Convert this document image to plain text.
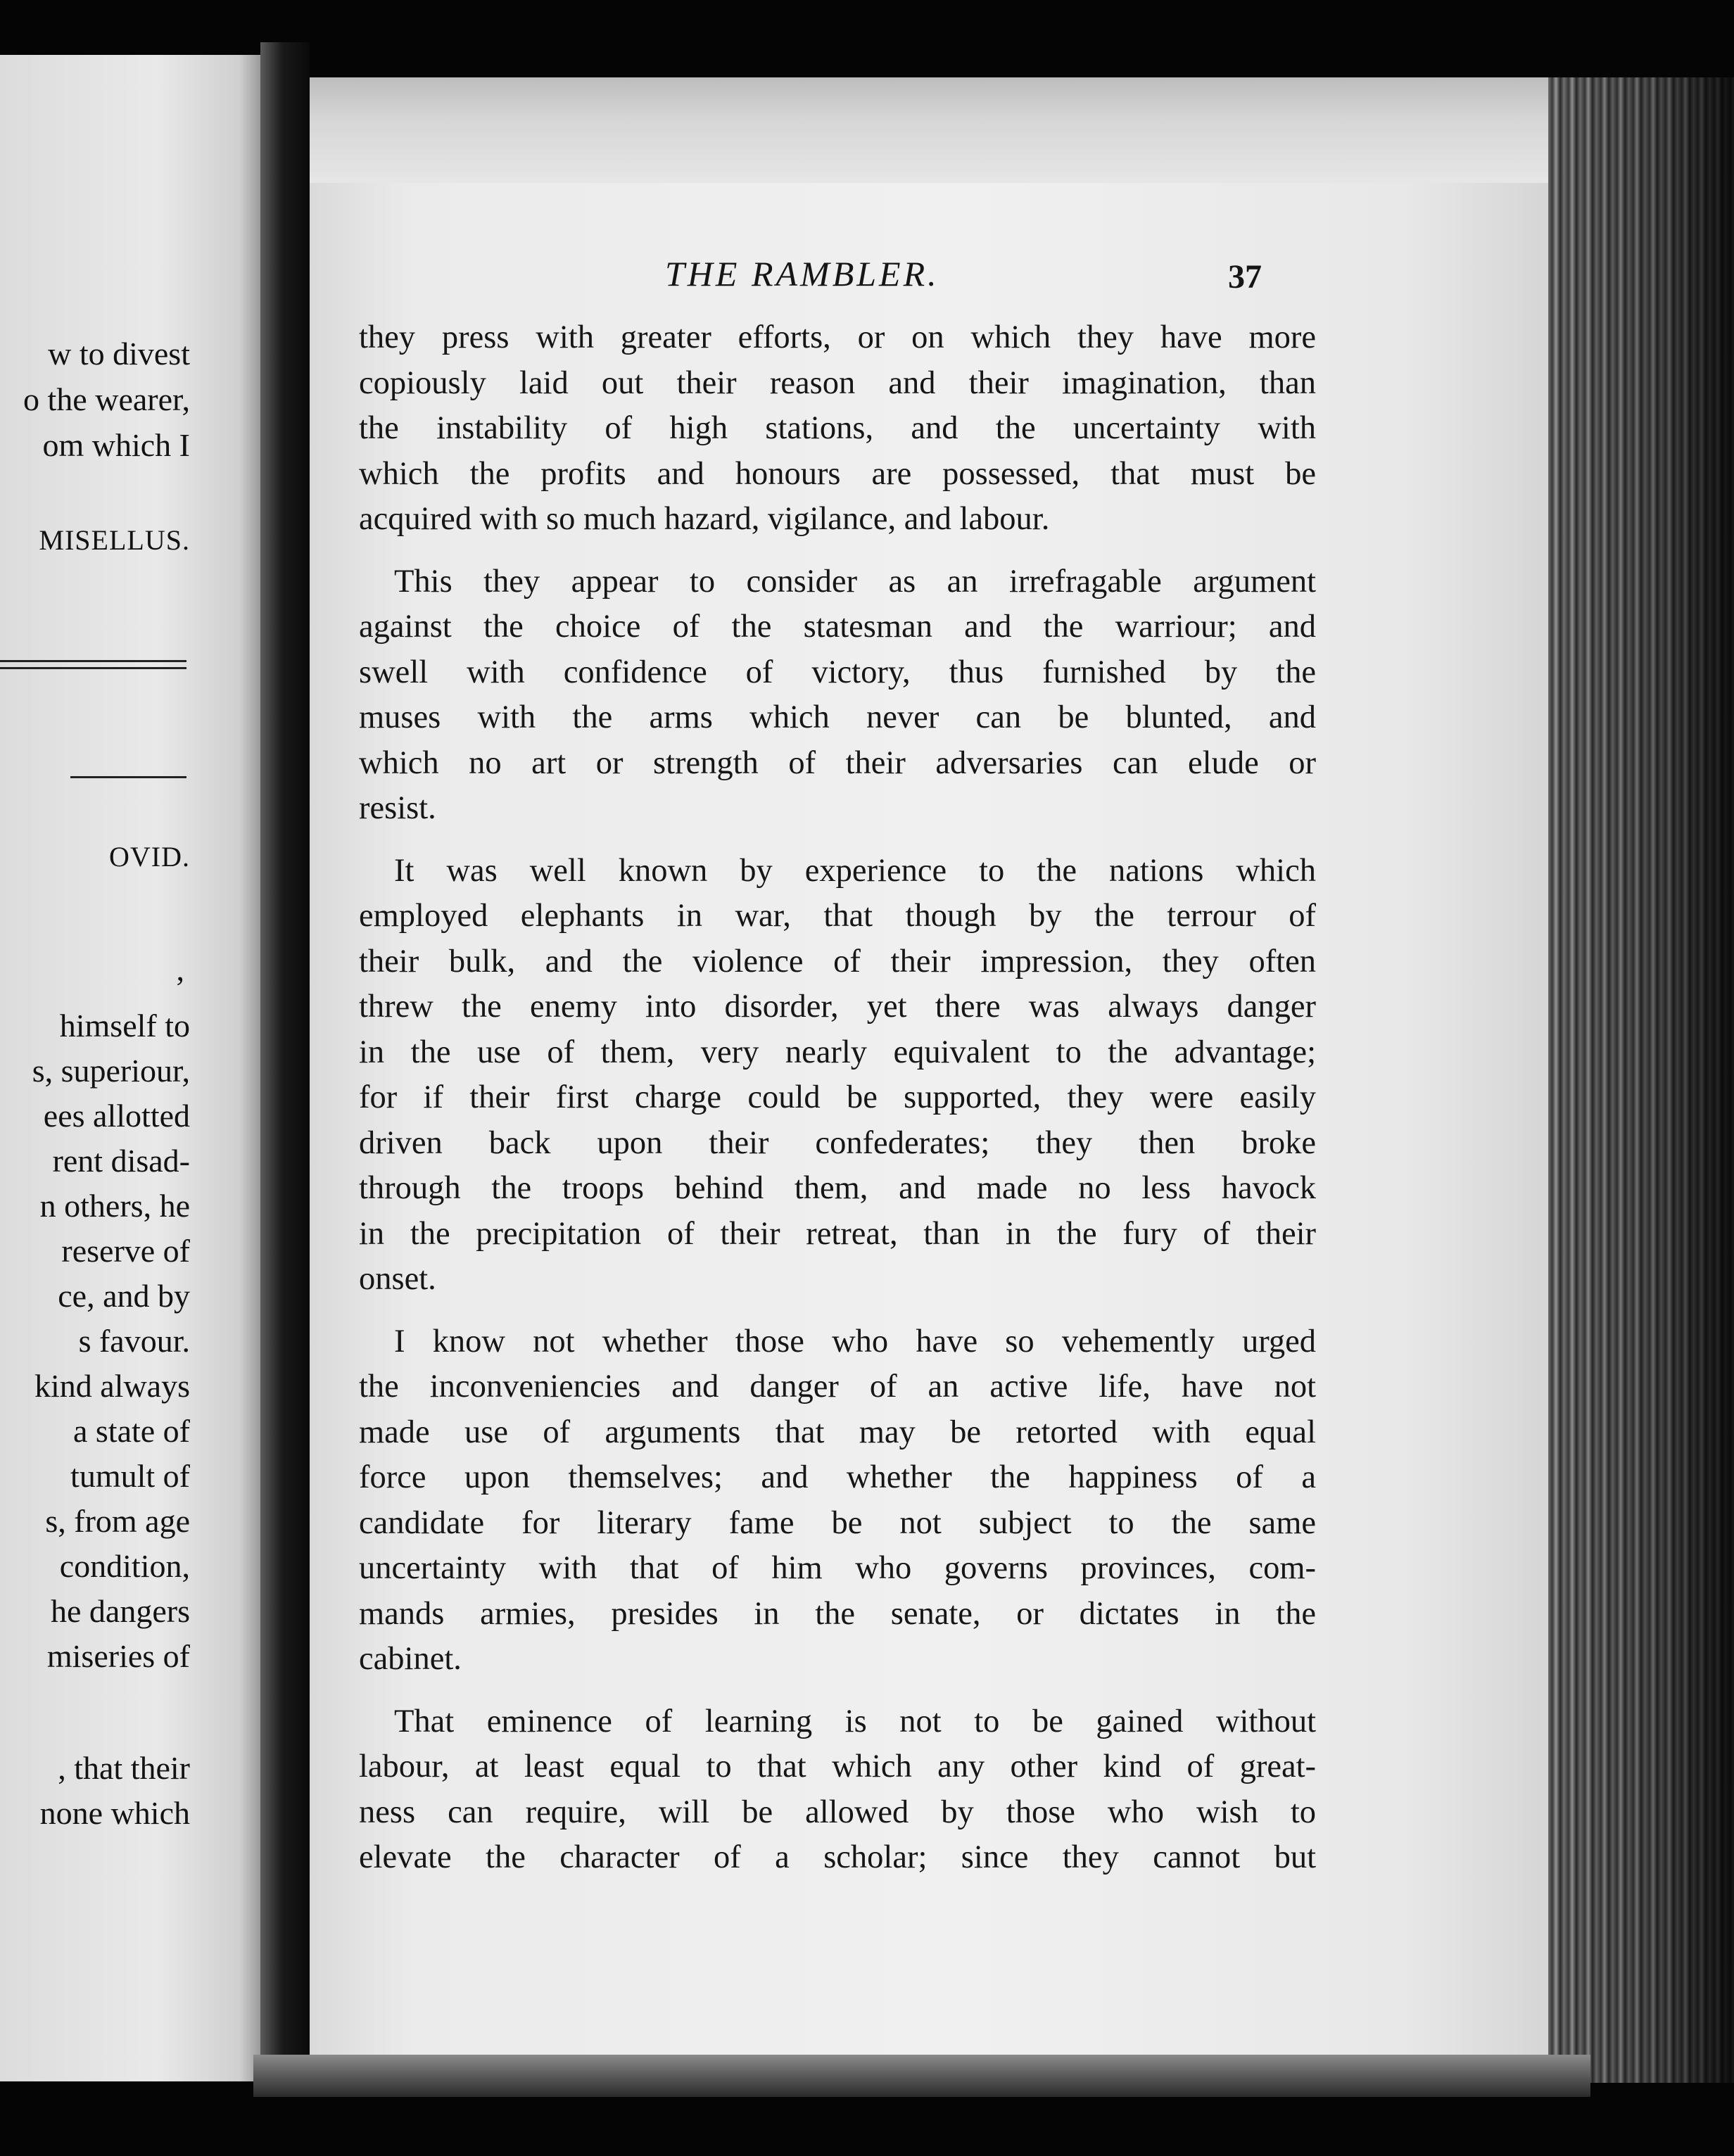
w to divest
o the wearer,
om which I
MISELLUS.
OVID.
,
himself to
s, superiour,
ees allotted
rent disad-
n others, he
reserve of
ce, and by
s favour.
kind always
a state of
tumult of
s, from age
condition,
he dangers
miseries of
, that their
none which
THE RAMBLER.	37
they press with greater efforts, or on which they have more
copiously laid out their reason and their imagination, than
the instability of high stations, and the uncertainty with
which the profits and honours are possessed, that must be
acquired with so much hazard, vigilance, and labour.
This they appear to consider as an irrefragable argument
against the choice of the statesman and the warriour; and
swell with confidence of victory, thus furnished by the
muses with the arms which never can be blunted, and
which no art or strength of their adversaries can elude or
resist.
It was well known by experience to the nations which
employed elephants in war, that though by the terrour of
their bulk, and the violence of their impression, they often
threw the enemy into disorder, yet there was always danger
in the use of them, very nearly equivalent to the advantage;
for if their first charge could be supported, they were easily
driven back upon their confederates; they then broke
through the troops behind them, and made no less havock
in the precipitation of their retreat, than in the fury of their
onset.
I know not whether those who have so vehemently urged
the inconveniencies and danger of an active life, have not
made use of arguments that may be retorted with equal
force upon themselves; and whether the happiness of a
candidate for literary fame be not subject to the same
uncertainty with that of him who governs provinces, com-
mands armies, presides in the senate, or dictates in the
cabinet.
That eminence of learning is not to be gained without
labour, at least equal to that which any other kind of great-
ness can require, will be allowed by those who wish to
elevate the character of a scholar; since they cannot but
